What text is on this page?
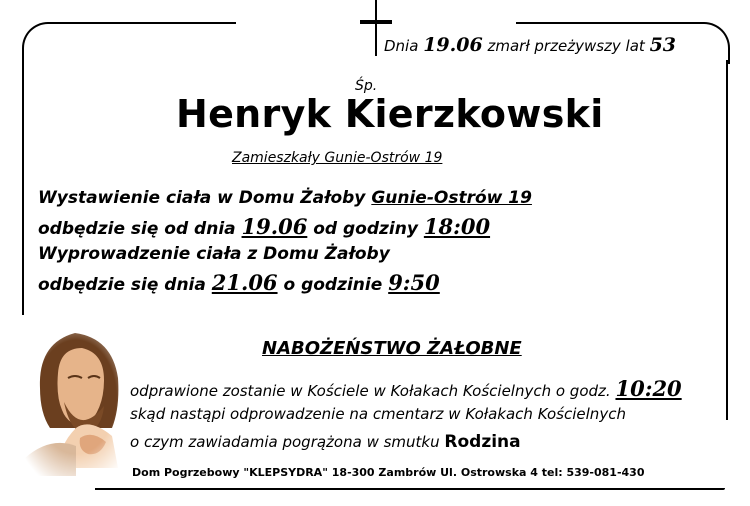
Dnia 19.06 zmarł przeżywszy lat 53
Śp.
Henryk Kierzkowski
Zamieszkały Gunie-Ostrów 19
Wystawienie ciała w Domu Żałoby Gunie-Ostrów 19
odbędzie się od dnia 19.06 od godziny 18:00
Wyprowadzenie ciała z Domu Żałoby
odbędzie się dnia 21.06 o godzinie 9:50
NABOŻEŃSTWO ŻAŁOBNE
odprawione zostanie w Kościele w Kołakach Kościelnych o godz. 10:20
skąd nastąpi odprowadzenie na cmentarz w Kołakach Kościelnych
o czym zawiadamia pogrążona w smutku Rodzina
Dom Pogrzebowy "KLEPSYDRA" 18-300 Zambrów Ul. Ostrowska 4 tel: 539-081-430
